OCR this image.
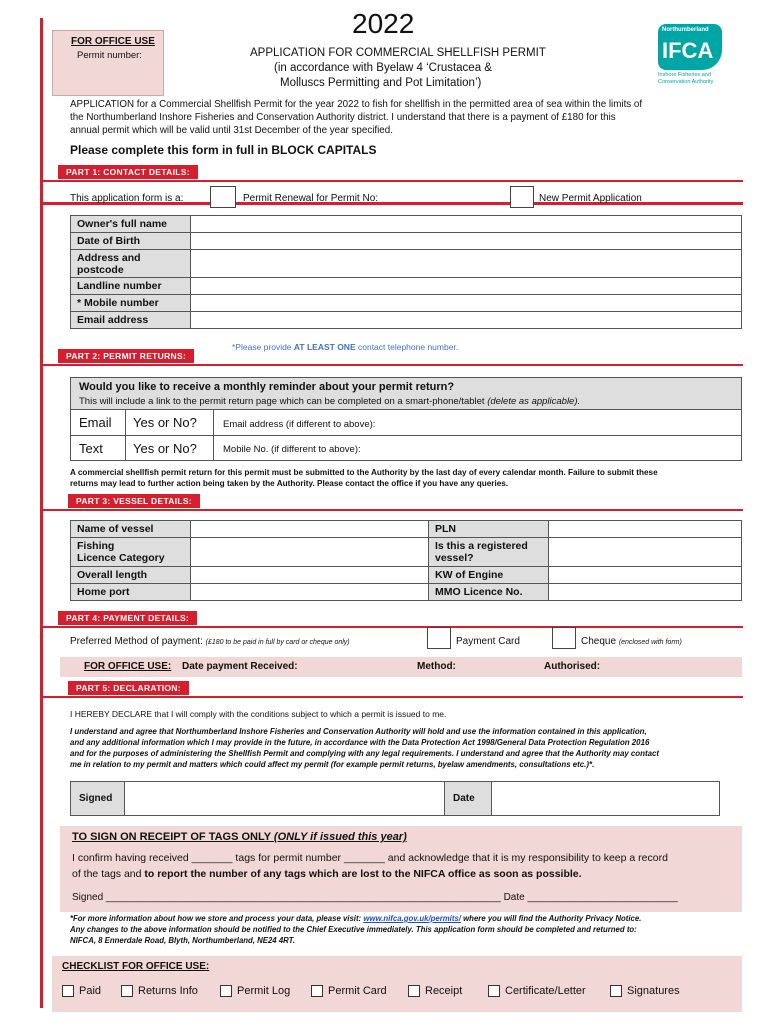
FOR OFFICE USE
Permit number:
2022
APPLICATION FOR COMMERCIAL SHELLFISH PERMIT
(in accordance with Byelaw 4 ‘Crustacea &
Molluscs Permitting and Pot Limitation’)
Northumberland
IFCA
Inshore Fisheries and
Conservation Authority
APPLICATION for a Commercial Shellfish Permit for the year 2022 to fish for shellfish in the permitted area of sea within the limits of
the Northumberland Inshore Fisheries and Conservation Authority district. I understand that there is a payment of £180 for this
annual permit which will be valid until 31st December of the year specified.
Please complete this form in full in BLOCK CAPITALS
PART 1: CONTACT DETAILS:
This application form is a:	Permit Renewal for Permit No:	New Permit Application
Owner's full name	
Date of Birth	
Address and
postcode	
Landline number	
* Mobile number	
Email address	
*Please provide AT LEAST ONE contact telephone number.
PART 2: PERMIT RETURNS:
Would you like to receive a monthly reminder about your permit return?
This will include a link to the permit return page which can be completed on a smart-phone/tablet (delete as applicable).
Email Yes or No?	Email address (if different to above):
Text Yes or No?	Mobile No. (if different to above):
A commercial shellfish permit return for this permit must be submitted to the Authority by the last day of every calendar month. Failure to submit these
returns may lead to further action being taken by the Authority. Please contact the office if you have any queries.
PART 3: VESSEL DETAILS:
Name of vessel		PLN	
Fishing
Licence Category		Is this a registered
vessel?	
Overall length		KW of Engine	
Home port		MMO Licence No.	
PART 4: PAYMENT DETAILS:
Preferred Method of payment: (£180 to be paid in full by card or cheque only)	Payment Card	Cheque (enclosed with form)
FOR OFFICE USE: Date payment Received:	Method:	Authorised:
PART 5: DECLARATION:
I HEREBY DECLARE that I will comply with the conditions subject to which a permit is issued to me.
I understand and agree that Northumberland Inshore Fisheries and Conservation Authority will hold and use the information contained in this application,
and any additional information which I may provide in the future, in accordance with the Data Protection Act 1998/General Data Protection Regulation 2016
and for the purposes of administering the Shellfish Permit and complying with any legal requirements. I understand and agree that the Authority may contact
me in relation to my permit and matters which could affect my permit (for example permit returns, byelaw amendments, consultations etc.)*.
Signed	Date
TO SIGN ON RECEIPT OF TAGS ONLY (ONLY if issued this year)
I confirm having received _______ tags for permit number _______ and acknowledge that it is my responsibility to keep a record
of the tags and to report the number of any tags which are lost to the NIFCA office as soon as possible.
Signed _______________________________________________________________________ Date ___________________________
*For more information about how we store and process your data, please visit: www.nifca.gov.uk/permits/ where you will find the Authority Privacy Notice.
Any changes to the above information should be notified to the Chief Executive immediately. This application form should be completed and returned to:
NIFCA, 8 Ennerdale Road, Blyth, Northumberland, NE24 4RT.
CHECKLIST FOR OFFICE USE:
Paid	Returns Info	Permit Log	Permit Card	Receipt	Certificate/Letter	Signatures
